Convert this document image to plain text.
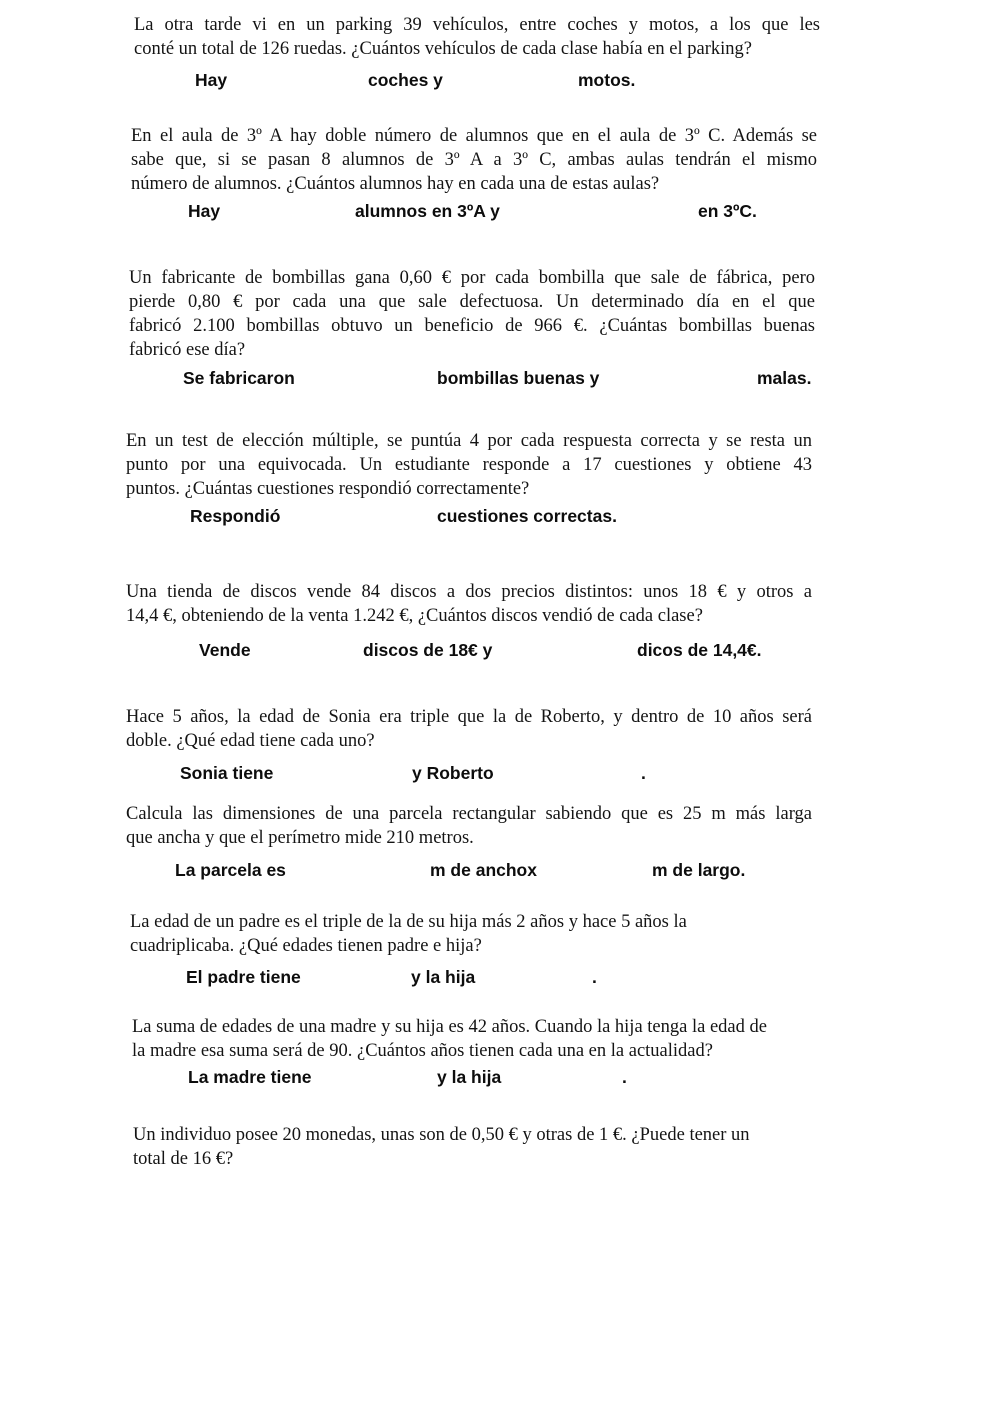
La otra tarde vi en un parking 39 vehículos, entre coches y motos, a los que les
conté un total de 126 ruedas. ¿Cuántos vehículos de cada clase había en el parking?
Hay	coches y	motos.
En el aula de 3º A hay doble número de alumnos que en el aula de 3º C. Además se
sabe que, si se pasan 8 alumnos de 3º A a 3º C, ambas aulas tendrán el mismo
número de alumnos. ¿Cuántos alumnos hay en cada una de estas aulas?
Hay	alumnos en 3ºA y	en 3ºC.
Un fabricante de bombillas gana 0,60 € por cada bombilla que sale de fábrica, pero
pierde 0,80 € por cada una que sale defectuosa. Un determinado día en el que
fabricó 2.100 bombillas obtuvo un beneficio de 966 €. ¿Cuántas bombillas buenas
fabricó ese día?
Se fabricaron	bombillas buenas y	malas.
En un test de elección múltiple, se puntúa 4 por cada respuesta correcta y se resta un
punto por una equivocada. Un estudiante responde a 17 cuestiones y obtiene 43
puntos. ¿Cuántas cuestiones respondió correctamente?
Respondió	cuestiones correctas.
Una tienda de discos vende 84 discos a dos precios distintos: unos 18 € y otros a
14,4 €, obteniendo de la venta 1.242 €, ¿Cuántos discos vendió de cada clase?
Vende	discos de 18€ y	dicos de 14,4€.
Hace 5 años, la edad de Sonia era triple que la de Roberto, y dentro de 10 años será
doble. ¿Qué edad tiene cada uno?
Sonia tiene	y Roberto	.
Calcula las dimensiones de una parcela rectangular sabiendo que es 25 m más larga
que ancha y que el perímetro mide 210 metros.
La parcela es	m de anchox	m de largo.
La edad de un padre es el triple de la de su hija más 2 años y hace 5 años la
cuadriplicaba. ¿Qué edades tienen padre e hija?
El padre tiene	y la hija	.
La suma de edades de una madre y su hija es 42 años. Cuando la hija tenga la edad de
la madre esa suma será de 90. ¿Cuántos años tienen cada una en la actualidad?
La madre tiene	y la hija	.
Un individuo posee 20 monedas, unas son de 0,50 € y otras de 1 €. ¿Puede tener un
total de 16 €?
